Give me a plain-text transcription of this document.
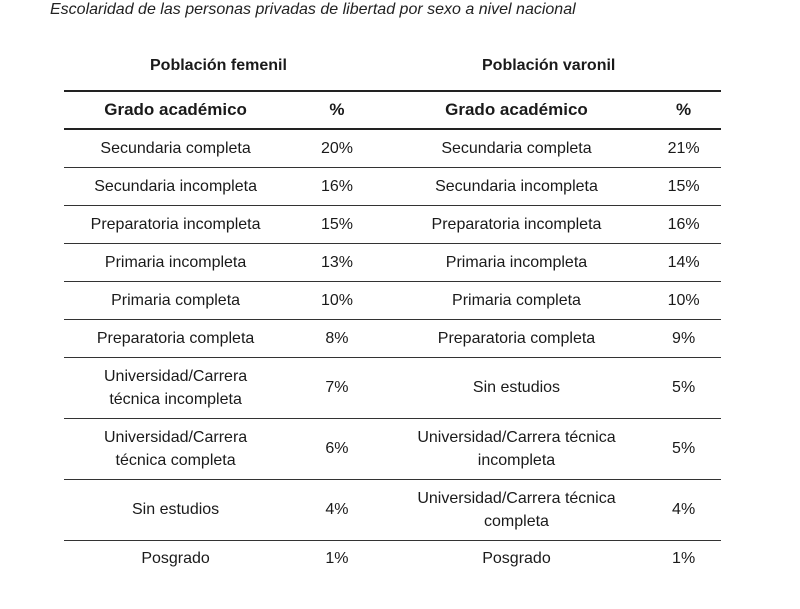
Escolaridad de las personas privadas de libertad por sexo a nivel nacional
Población femenil	Población varonil
Grado académico	%	Grado académico	%
Secundaria completa	20%	Secundaria completa	21%
Secundaria incompleta	16%	Secundaria incompleta	15%
Preparatoria incompleta	15%	Preparatoria incompleta	16%
Primaria incompleta	13%	Primaria incompleta	14%
Primaria completa	10%	Primaria completa	10%
Preparatoria completa	8%	Preparatoria completa	9%
Universidad/Carrera técnica incompleta	7%	Sin estudios	5%
Universidad/Carrera técnica completa	6%	Universidad/Carrera técnica incompleta	5%
Sin estudios	4%	Universidad/Carrera técnica completa	4%
Posgrado	1%	Posgrado	1%
